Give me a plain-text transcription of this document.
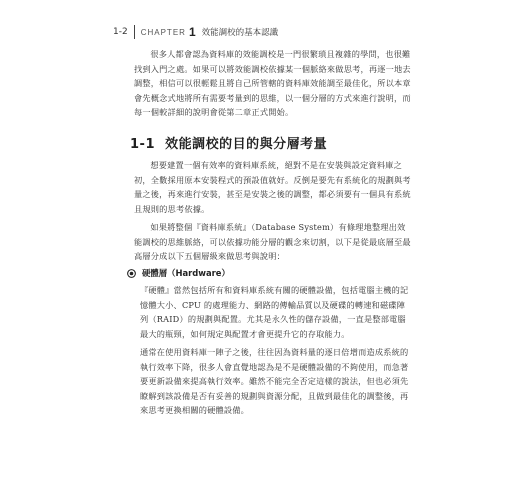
1-2 CHAPTER 1 效能調校的基本認識

很多人都會認為資料庫的效能調校是一門很繁瑣且複雜的學問，也很難找到入門之處。如果可以將效能調校依據某一個脈絡來做思考，再逐一地去調整，相信可以很輕鬆且將自己所管轄的資料庫效能調至最佳化，所以本章會先概念式地將所有需要考量到的思維，以一個分層的方式來進行說明，而每一個較詳細的說明會從第二章正式開始。

1-1 效能調校的目的與分層考量

想要建置一個有效率的資料庫系統，絕對不是在安裝與設定資料庫之初，全數採用原本安裝程式的預設值就好。反倒是要先有系統化的規劃與考量之後，再來進行安裝，甚至是安裝之後的調整，都必須要有一個具有系統且規則的思考依據。

如果將整個『資料庫系統』（Database System）有條理地整理出效能調校的思維脈絡，可以依據功能分層的觀念來切割，以下是從最底層至最高層分成以下五個層級來做思考與說明：

硬體層（Hardware）

『硬體』當然包括所有和資料庫系統有關的硬體設備，包括電腦主機的記憶體大小、CPU 的處理能力、網路的傳輸品質以及硬碟的轉速和磁碟陣列（RAID）的規劃與配置。尤其是永久性的儲存設備，一直是整部電腦最大的瓶頸，如何規定與配置才會更提升它的存取能力。

通常在使用資料庫一陣子之後，往往因為資料量的逐日倍增而造成系統的執行效率下降，很多人會直覺地認為是不是硬體設備的不夠使用，而急著要更新設備來提高執行效率。雖然不能完全否定這樣的說法，但也必須先瞭解到該設備是否有妥善的規劃與資源分配，且做到最佳化的調整後，再來思考更換相關的硬體設備。
